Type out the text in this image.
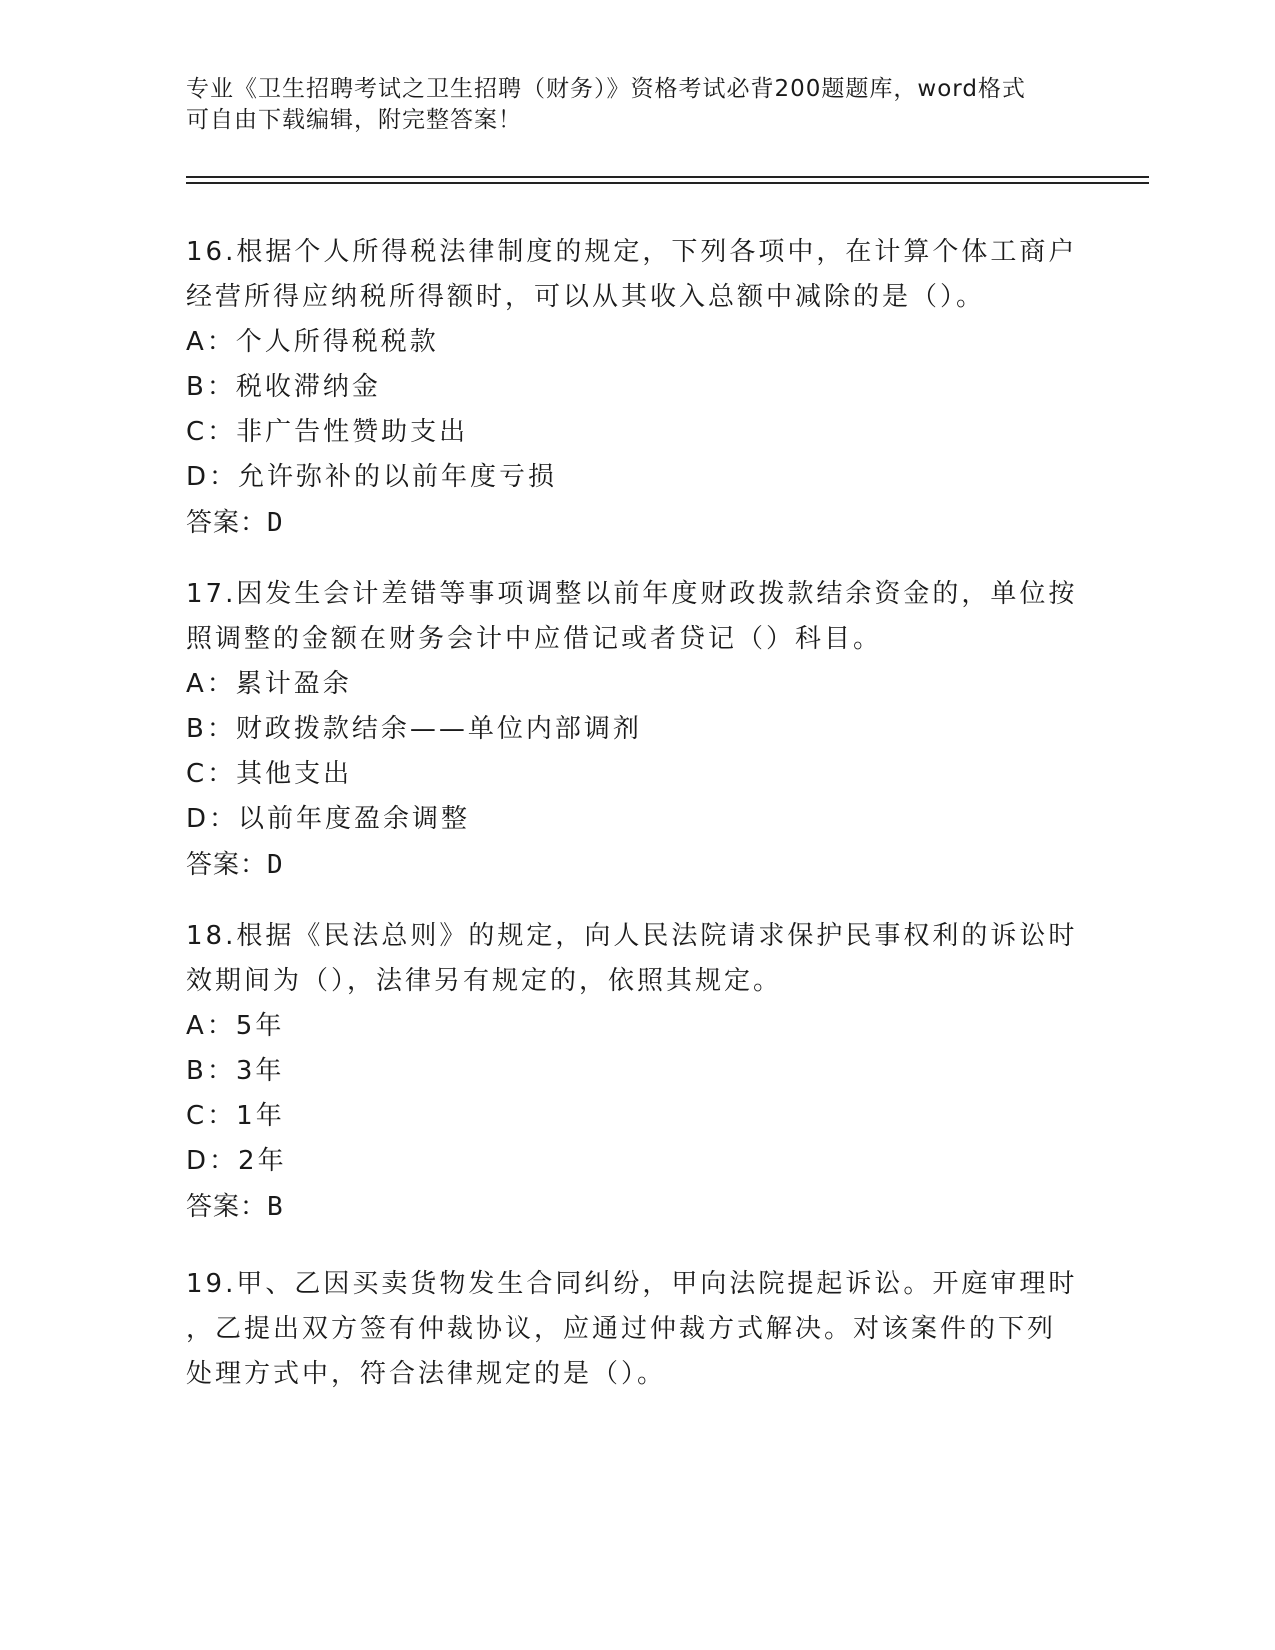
专业《卫生招聘考试之卫生招聘（财务）》资格考试必背200题题库，word格式
可自由下载编辑，附完整答案！
16.根据个人所得税法律制度的规定，下列各项中，在计算个体工商户
经营所得应纳税所得额时，可以从其收入总额中减除的是（）。
A：个人所得税税款
B：税收滞纳金
C：非广告性赞助支出
D：允许弥补的以前年度亏损
答案：D
17.因发生会计差错等事项调整以前年度财政拨款结余资金的，单位按
照调整的金额在财务会计中应借记或者贷记（）科目。
A：累计盈余
B：财政拨款结余——单位内部调剂
C：其他支出
D：以前年度盈余调整
答案：D
18.根据《民法总则》的规定，向人民法院请求保护民事权利的诉讼时
效期间为（），法律另有规定的，依照其规定。
A：5年
B：3年
C：1年
D：2年
答案：B
19.甲、乙因买卖货物发生合同纠纷，甲向法院提起诉讼。开庭审理时
，乙提出双方签有仲裁协议，应通过仲裁方式解决。对该案件的下列
处理方式中，符合法律规定的是（）。
